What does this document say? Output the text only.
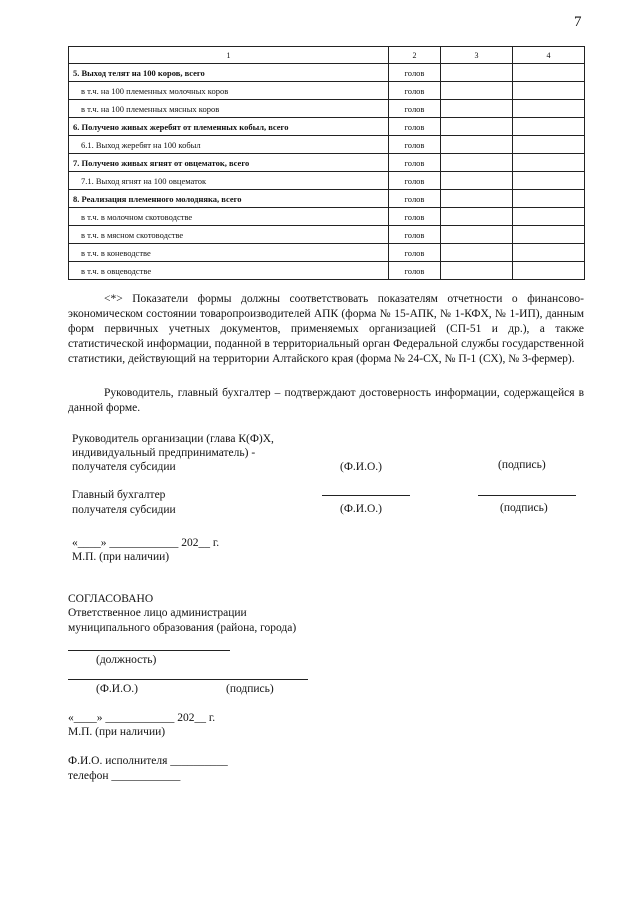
7
1	2	3	4
5. Выход телят на 100 коров, всего	голов		
в т.ч. на 100 племенных молочных коров	голов		
в т.ч. на 100 племенных мясных коров	голов		
6. Получено живых жеребят от племенных кобыл, всего	голов		
6.1. Выход жеребят на 100 кобыл	голов		
7. Получено живых ягнят от овцематок, всего	голов		
7.1. Выход ягнят на 100 овцематок	голов		
8. Реализация племенного молодняка, всего	голов		
в т.ч. в молочном скотоводстве	голов		
в т.ч. в мясном скотоводстве	голов		
в т.ч. в коневодстве	голов		
в т.ч. в овцеводстве	голов		

<*> Показатели формы должны соответствовать показателям отчетности о финансово-экономическом состоянии товаропроизводителей АПК (форма № 15-АПК, № 1-КФХ, № 1-ИП), данным форм первичных учетных документов, применяемых организацией (СП-51 и др.), а также статистической информации, поданной в территориальный орган Федеральной службы государственной статистики, действующий на территории Алтайского края (форма № 24-СХ, № П-1 (СХ), № 3-фермер).

Руководитель, главный бухгалтер – подтверждают достоверность информации, содержащейся в данной форме.

Руководитель организации (глава К(Ф)Х,
индивидуальный предприниматель) -
получателя субсидии	(Ф.И.О.)	(подпись)
Главный бухгалтер
получателя субсидии	(Ф.И.О.)	(подпись)
«____» ____________ 202__ г.
М.П. (при наличии)
СОГЛАСОВАНО
Ответственное лицо администрации
муниципального образования (района, города)
(должность)
(Ф.И.О.)	(подпись)
«____» ____________ 202__ г.
М.П. (при наличии)
Ф.И.О. исполнителя __________
телефон ____________
